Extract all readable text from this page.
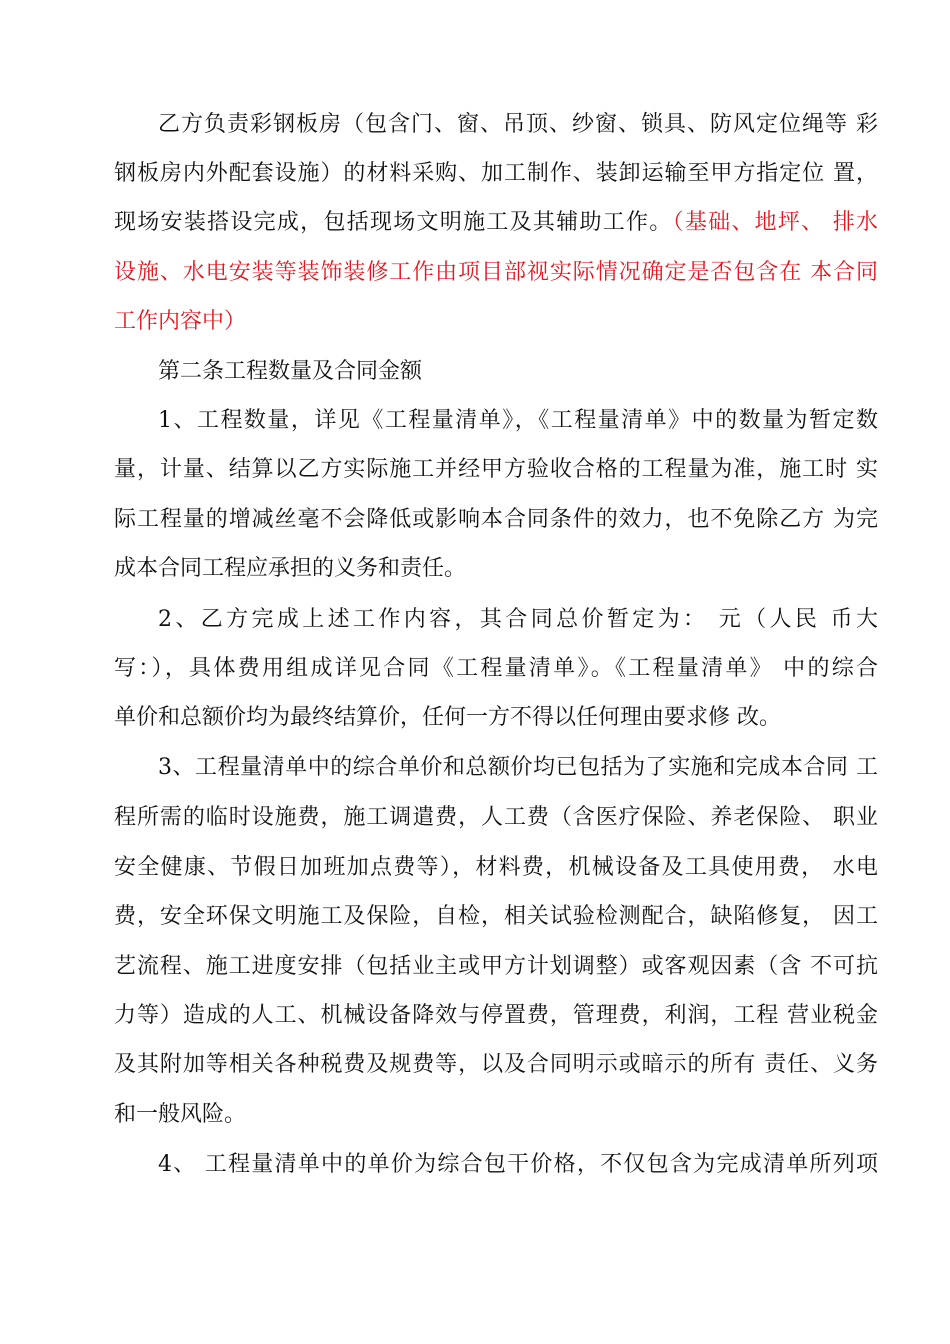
乙方负责彩钢板房（包含门、窗、吊顶、纱窗、锁具、防风定位绳等 彩
钢板房内外配套设施）的材料采购、加工制作、装卸运输至甲方指定位 置，
现场安装搭设完成，包括现场文明施工及其辅助工作。（基础、地坪、 排水
设施、水电安装等装饰装修工作由项目部视实际情况确定是否包含在 本合同
工作内容中）
第二条工程数量及合同金额
1、工程数量，详见《工程量清单》，《工程量清单》中的数量为暂定数
量，计量、结算以乙方实际施工并经甲方验收合格的工程量为准，施工时 实
际工程量的增减丝毫不会降低或影响本合同条件的效力，也不免除乙方 为完
成本合同工程应承担的义务和责任。
2、乙方完成上述工作内容，其合同总价暂定为： 元（人民 币大
写：），具体费用组成详见合同《工程量清单》。《工程量清单》 中的综合
单价和总额价均为最终结算价，任何一方不得以任何理由要求修 改。
3、工程量清单中的综合单价和总额价均已包括为了实施和完成本合同 工
程所需的临时设施费，施工调遣费，人工费（含医疗保险、养老保险、 职业
安全健康、节假日加班加点费等），材料费，机械设备及工具使用费， 水电
费，安全环保文明施工及保险，自检，相关试验检测配合，缺陷修复， 因工
艺流程、施工进度安排（包括业主或甲方计划调整）或客观因素（含 不可抗
力等）造成的人工、机械设备降效与停置费，管理费，利润，工程 营业税金
及其附加等相关各种税费及规费等，以及合同明示或暗示的所有 责任、义务
和一般风险。
4、 工程量清单中的单价为综合包干价格，不仅包含为完成清单所列项
